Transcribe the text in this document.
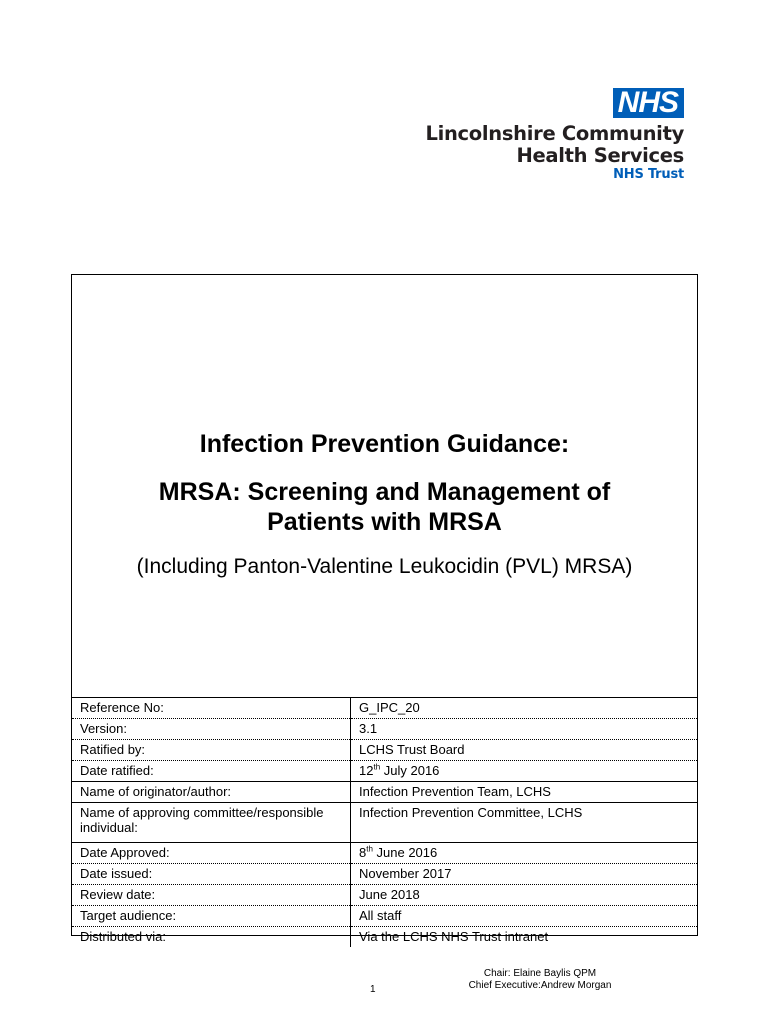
NHS
Lincolnshire Community
Health Services
NHS Trust
Infection Prevention Guidance:
MRSA: Screening and Management of Patients with MRSA
(Including Panton-Valentine Leukocidin (PVL) MRSA)
Reference No:	G_IPC_20
Version:	3.1
Ratified by:	LCHS Trust Board
Date ratified:	12th July 2016
Name of originator/author:	Infection Prevention Team, LCHS
Name of approving committee/responsible individual:	Infection Prevention Committee, LCHS
Date Approved:	8th June 2016
Date issued:	November 2017
Review date:	June 2018
Target audience:	All staff
Distributed via:	Via the LCHS NHS Trust intranet
1
Chair: Elaine Baylis QPM
Chief Executive:Andrew Morgan
